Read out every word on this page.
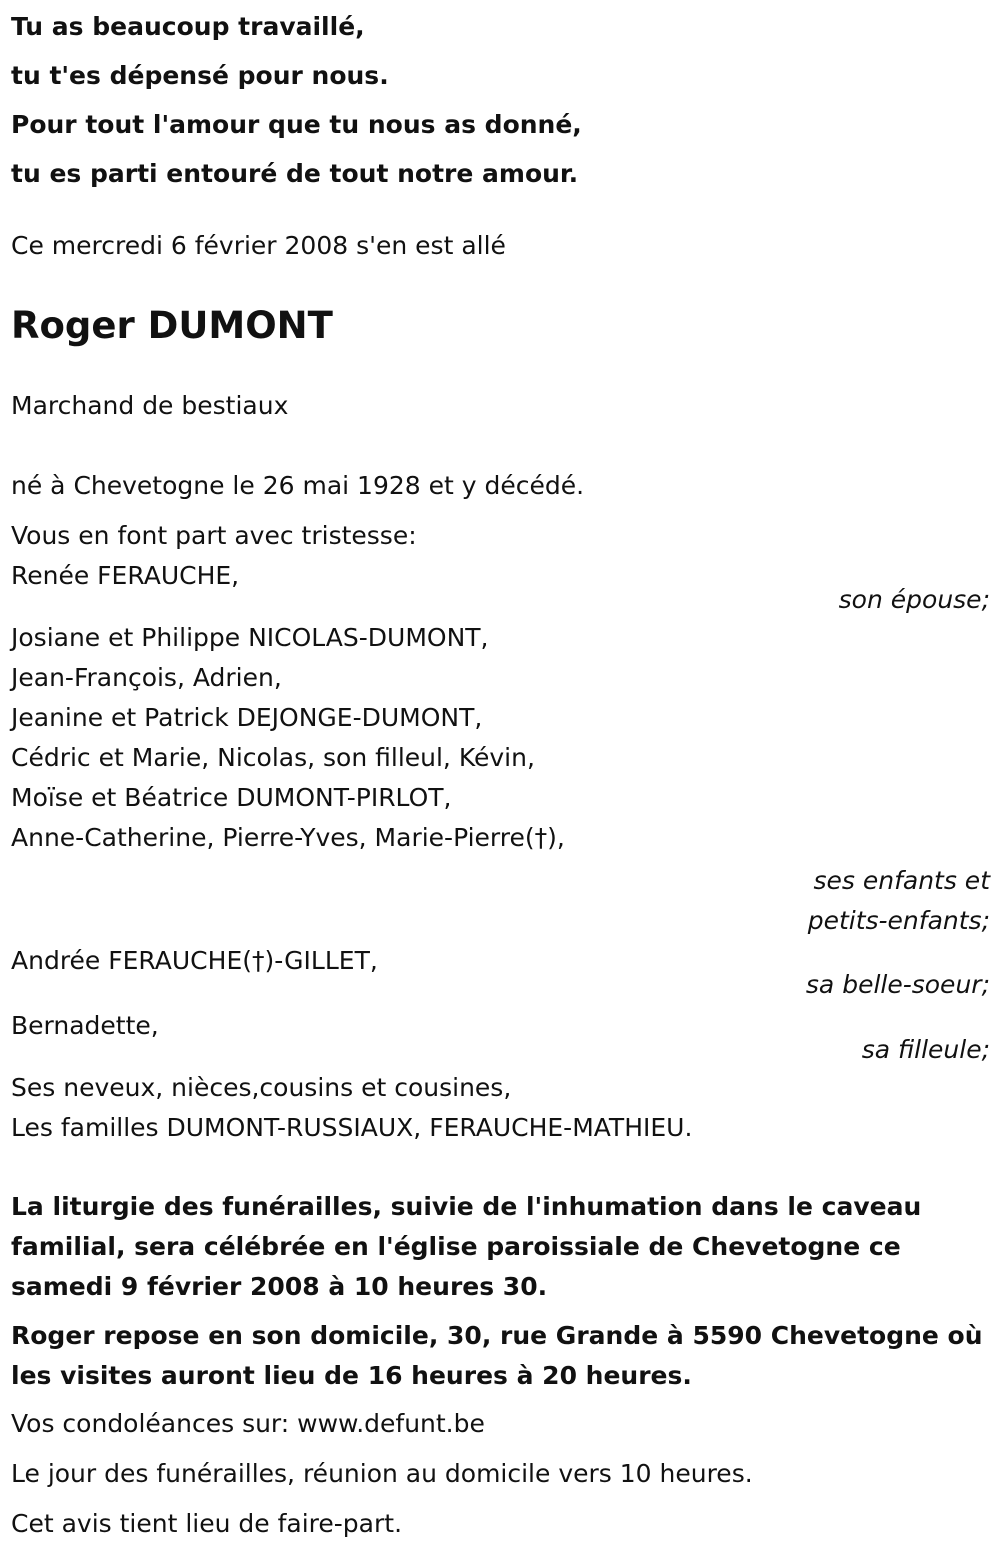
Tu as beaucoup travaillé,
tu t'es dépensé pour nous.
Pour tout l'amour que tu nous as donné,
tu es parti entouré de tout notre amour.
Ce mercredi 6 février 2008 s'en est allé
Roger DUMONT
Marchand de bestiaux
né à Chevetogne le 26 mai 1928 et y décédé.
Vous en font part avec tristesse:
Renée FERAUCHE,
son épouse;
Josiane et Philippe NICOLAS-DUMONT,
Jean-François, Adrien,
Jeanine et Patrick DEJONGE-DUMONT,
Cédric et Marie, Nicolas, son filleul, Kévin,
Moïse et Béatrice DUMONT-PIRLOT,
Anne-Catherine, Pierre-Yves, Marie-Pierre(†),
ses enfants et
petits-enfants;
Andrée FERAUCHE(†)-GILLET,
sa belle-soeur;
Bernadette,
sa filleule;
Ses neveux, nièces,cousins et cousines,
Les familles DUMONT-RUSSIAUX, FERAUCHE-MATHIEU.
La liturgie des funérailles, suivie de l'inhumation dans le caveau familial, sera célébrée en l'église paroissiale de Chevetogne ce samedi 9 février 2008 à 10 heures 30.
Roger repose en son domicile, 30, rue Grande à 5590 Chevetogne où les visites auront lieu de 16 heures à 20 heures.
Vos condoléances sur: www.defunt.be
Le jour des funérailles, réunion au domicile vers 10 heures.
Cet avis tient lieu de faire-part.
